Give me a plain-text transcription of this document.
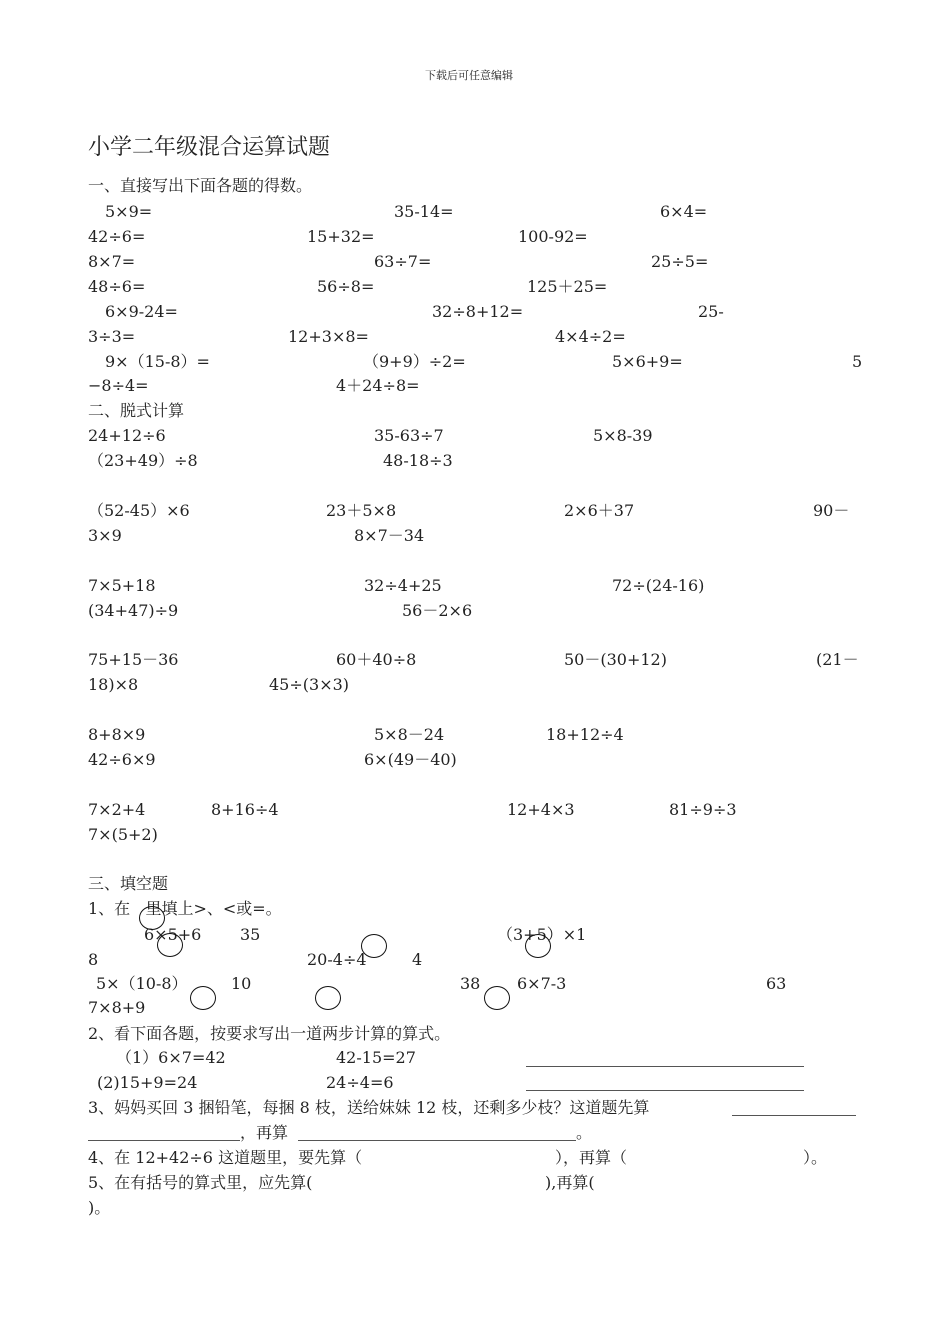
下载后可任意编辑
小学二年级混合运算试题
一、直接写出下面各题的得数。
5×9=	35-14=	6×4=
42÷6=	15+32=	100-92=
8×7=	63÷7=	25÷5=
48÷6=	56÷8=	125＋25=
6×9-24=	32÷8+12=	25-
3÷3=	12+3×8=	4×4÷2=
9×（15-8）=	（9+9）÷2=	5×6+9=	5
−8÷4=	4＋24÷8=
二、脱式计算
24+12÷6	35-63÷7	5×8-39
（23+49）÷8	48-18÷3
（52-45）×6	23＋5×8	2×6＋37	90－
3×9	8×7－34
7×5+18	32÷4+25	72÷(24-16)
(34+47)÷9	56－2×6
75+15－36	60＋40÷8	50－(30+12)	(21－
18)×8	45÷(3×3)
8+8×9	5×8－24	18+12÷4
42÷6×9	6×(49－40)
7×2+4	8+16÷4	12+4×3	81÷9÷3
7×(5+2)
三、填空题
1、在   里填上>、<或=。
6×5+6 35	（3+5）×1
8	20-4÷4	4
5×（10-8）	10	38 6×7-3	63
7×8+9
2、看下面各题，按要求写出一道两步计算的算式。
（1）6×7=42	42-15=27
(2)15+9=24	24÷4=6
3、妈妈买回 3 捆铅笔，每捆 8 枝，送给妹妹 12 枝，还剩多少枝？这道题先算
，再算	。
4、在 12+42÷6 这道题里，要先算（	），再算（	）。
5、在有括号的算式里，应先算(	),再算(
)。
